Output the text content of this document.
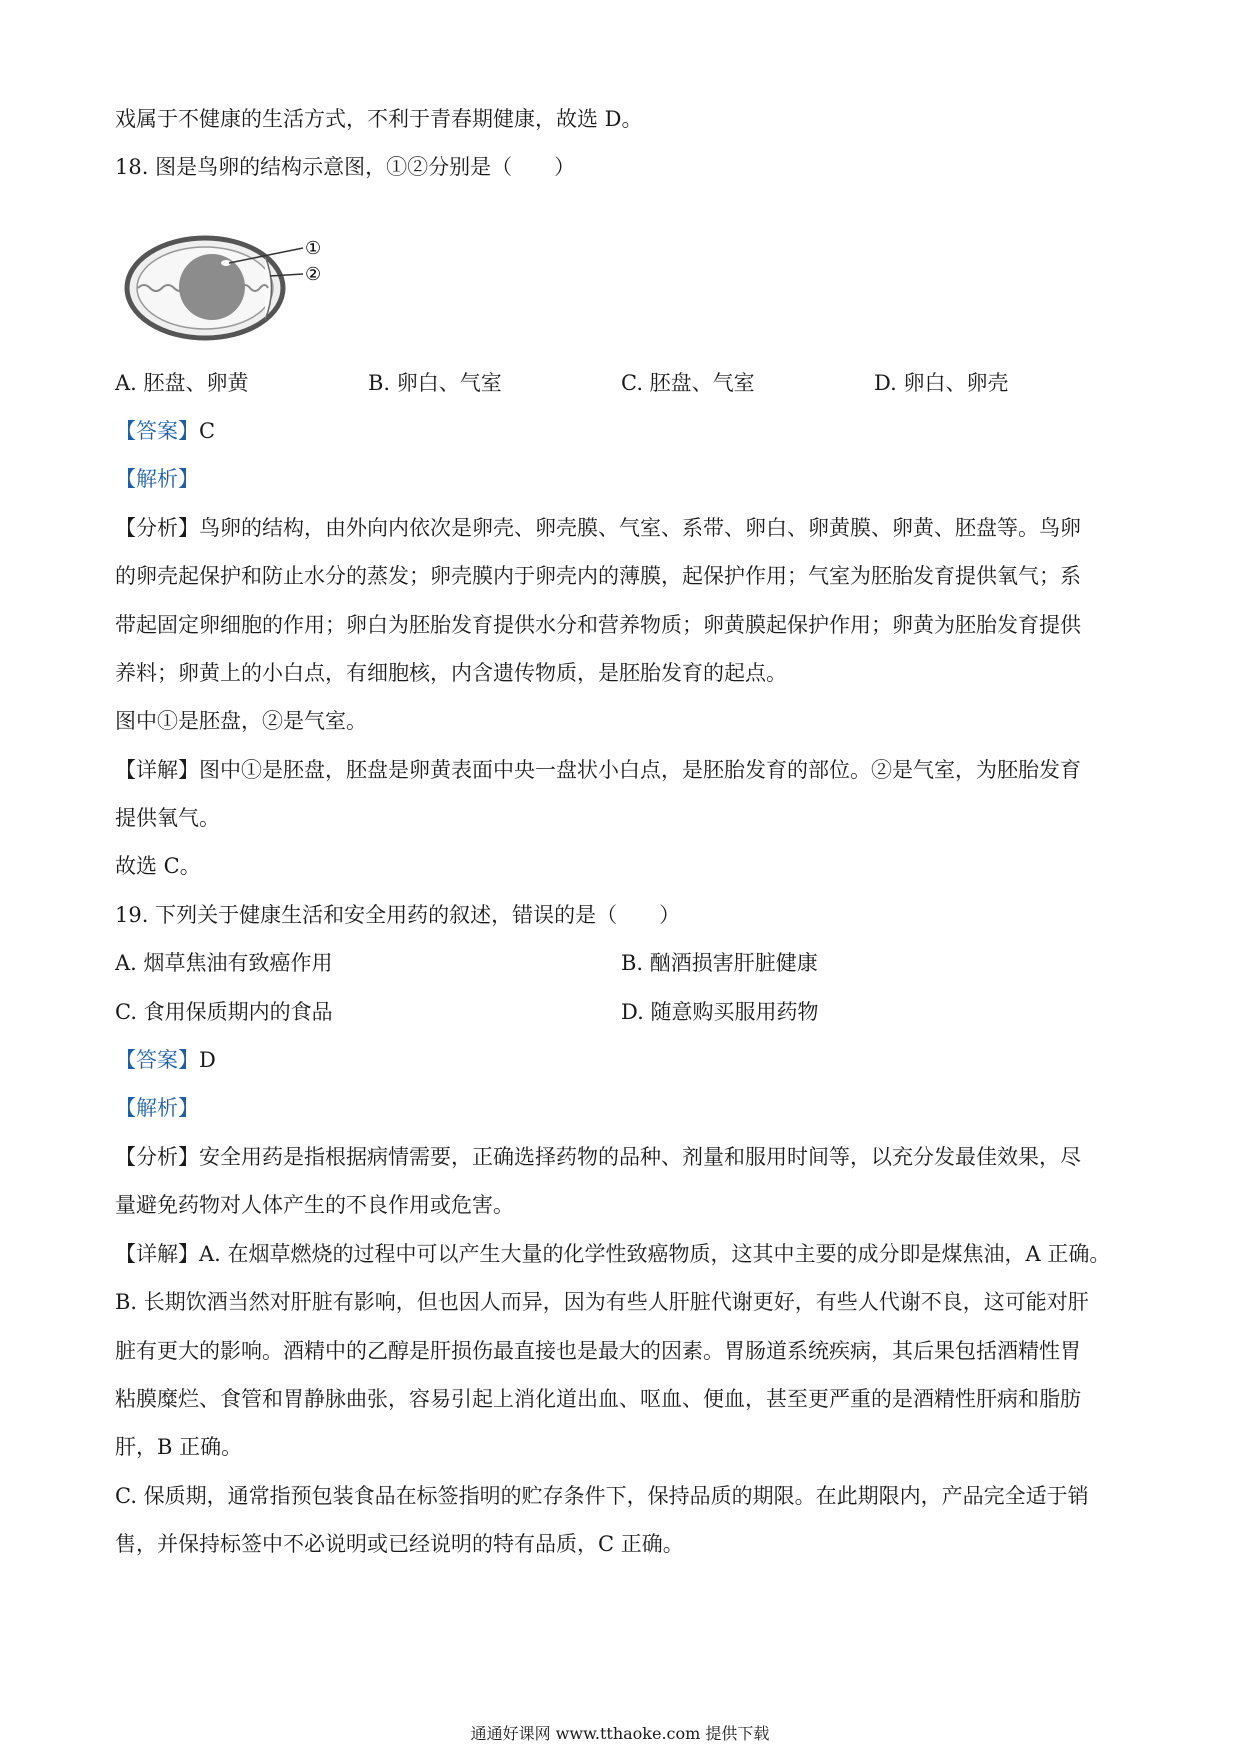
戏属于不健康的生活方式，不利于青春期健康，故选 D。
18. 图是鸟卵的结构示意图，①②分别是（　　）
①
②
A. 胚盘、卵黄	B. 卵白、气室	C. 胚盘、气室	D. 卵白、卵壳
【答案】C
【解析】
【分析】鸟卵的结构，由外向内依次是卵壳、卵壳膜、气室、系带、卵白、卵黄膜、卵黄、胚盘等。鸟卵
的卵壳起保护和防止水分的蒸发；卵壳膜内于卵壳内的薄膜，起保护作用；气室为胚胎发育提供氧气；系
带起固定卵细胞的作用；卵白为胚胎发育提供水分和营养物质；卵黄膜起保护作用；卵黄为胚胎发育提供
养料；卵黄上的小白点，有细胞核，内含遗传物质，是胚胎发育的起点。
图中①是胚盘，②是气室。
【详解】图中①是胚盘，胚盘是卵黄表面中央一盘状小白点，是胚胎发育的部位。②是气室，为胚胎发育
提供氧气。
故选 C。
19. 下列关于健康生活和安全用药的叙述，错误的是（　　）
A. 烟草焦油有致癌作用	B. 酗酒损害肝脏健康
C. 食用保质期内的食品	D. 随意购买服用药物
【答案】D
【解析】
【分析】安全用药是指根据病情需要，正确选择药物的品种、剂量和服用时间等，以充分发最佳效果，尽
量避免药物对人体产生的不良作用或危害。
【详解】A. 在烟草燃烧的过程中可以产生大量的化学性致癌物质，这其中主要的成分即是煤焦油，A 正确。
B. 长期饮酒当然对肝脏有影响，但也因人而异，因为有些人肝脏代谢更好，有些人代谢不良，这可能对肝
脏有更大的影响。酒精中的乙醇是肝损伤最直接也是最大的因素。胃肠道系统疾病，其后果包括酒精性胃
粘膜糜烂、食管和胃静脉曲张，容易引起上消化道出血、呕血、便血，甚至更严重的是酒精性肝病和脂肪
肝，B 正确。
C. 保质期，通常指预包装食品在标签指明的贮存条件下，保持品质的期限。在此期限内，产品完全适于销
售，并保持标签中不必说明或已经说明的特有品质，C 正确。
通通好课网 www.tthaoke.com 提供下载
